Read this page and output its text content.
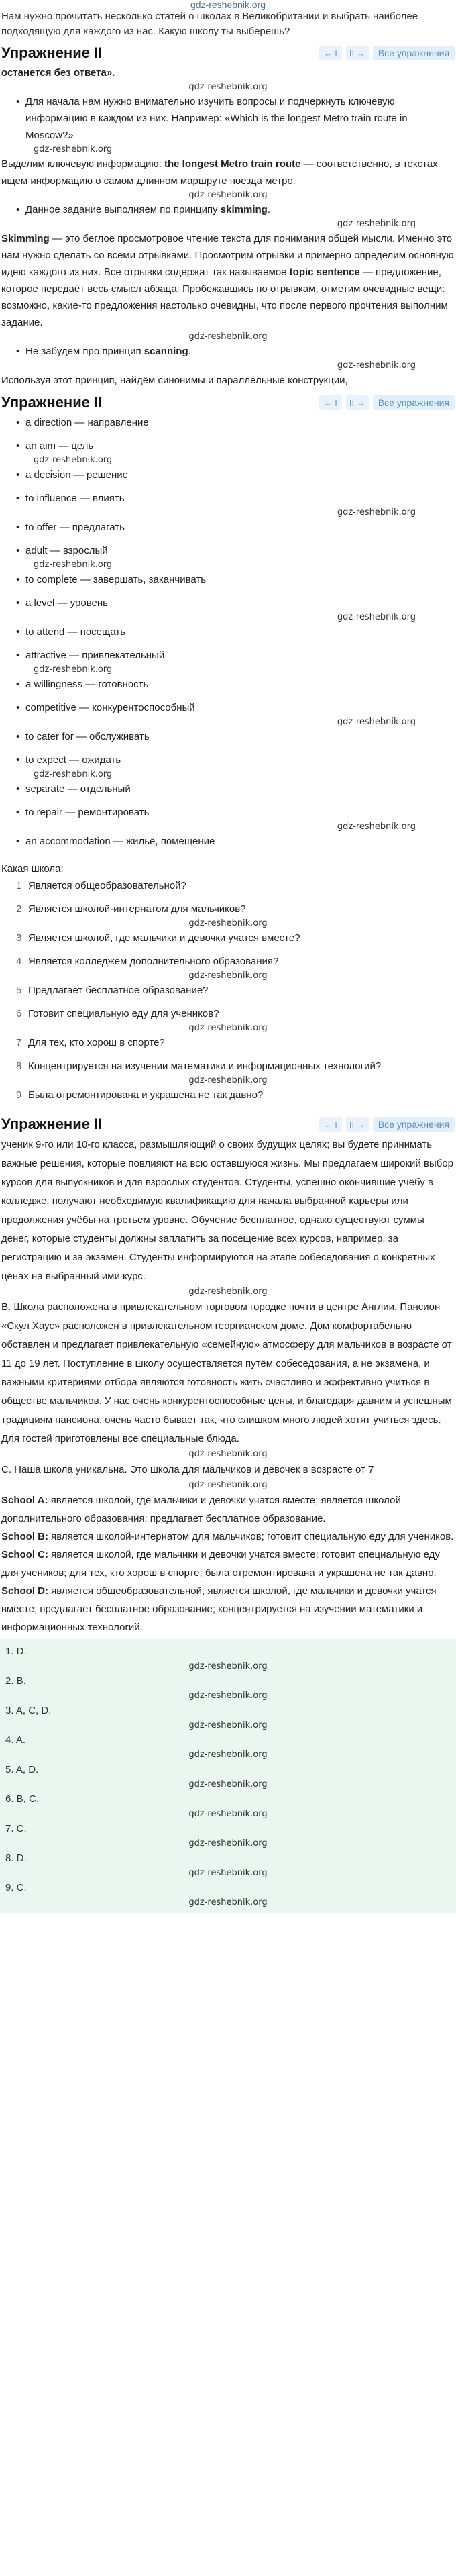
gdz-reshebnik.org
Нам нужно прочитать несколько статей о школах в Великобритании и выбрать наиболее подходящую для каждого из нас. Какую школу ты выберешь?
Упражнение II	← I	II →	Все упражнения
останется без ответа».
gdz-reshebnik.org
• Для начала нам нужно внимательно изучить вопросы и подчеркнуть ключевую информацию в каждом из них. Например: «Which is the longest Metro train route in Moscow?»
gdz-reshebnik.org
Выделим ключевую информацию: the longest Metro train route — соответственно, в текстах ищем информацию о самом длинном маршруте поезда метро.
gdz-reshebnik.org
• Данное задание выполняем по принципу skimming.
gdz-reshebnik.org
Skimming — это беглое просмотровое чтение текста для понимания общей мысли. Именно это нам нужно сделать со всеми отрывками. Просмотрим отрывки и примерно определим основную идею каждого из них. Все отрывки содержат так называемое topic sentence — предложение, которое передаёт весь смысл абзаца. Пробежавшись по отрывкам, отметим очевидные вещи: возможно, какие-то предложения настолько очевидны, что после первого прочтения выполним задание.
gdz-reshebnik.org
• Не забудем про принцип scanning.
gdz-reshebnik.org
Используя этот принцип, найдём синонимы и параллельные конструкции,
Упражнение II	← I	II →	Все упражнения
• a direction — направление
• an aim — цель
gdz-reshebnik.org
• a decision — решение
• to influence — влиять
gdz-reshebnik.org
• to offer — предлагать
• adult — взрослый
gdz-reshebnik.org
• to complete — завершать, заканчивать
• a level — уровень
gdz-reshebnik.org
• to attend — посещать
• attractive — привлекательный
gdz-reshebnik.org
• a willingness — готовность
• competitive — конкурентоспособный
gdz-reshebnik.org
• to cater for — обслуживать
• to expect — ожидать
gdz-reshebnik.org
• separate — отдельный
• to repair — ремонтировать
gdz-reshebnik.org
• an accommodation — жильё, помещение
Какая школа:
1 Является общеобразовательной?
2 Является школой-интернатом для мальчиков?
gdz-reshebnik.org
3 Является школой, где мальчики и девочки учатся вместе?
4 Является колледжем дополнительного образования?
gdz-reshebnik.org
5 Предлагает бесплатное образование?
6 Готовит специальную еду для учеников?
gdz-reshebnik.org
7 Для тех, кто хорош в спорте?
8 Концентрируется на изучении математики и информационных технологий?
gdz-reshebnik.org
9 Была отремонтирована и украшена не так давно?
Упражнение II	← I	II →	Все упражнения
ученик 9-го или 10-го класса, размышляющий о своих будущих целях; вы будете принимать важные решения, которые повлияют на всю оставшуюся жизнь. Мы предлагаем широкий выбор курсов для выпускников и для взрослых студентов. Студенты, успешно окончившие учёбу в колледже, получают необходимую квалификацию для начала выбранной карьеры или продолжения учёбы на третьем уровне. Обучение бесплатное, однако существуют суммы денег, которые студенты должны заплатить за посещение всех курсов, например, за регистрацию и за экзамен. Студенты информируются на этапе собеседования о конкретных ценах на выбранный ими курс.
gdz-reshebnik.org
B. Школа расположена в привлекательном торговом городке почти в центре Англии. Пансион «Скул Хаус» расположен в привлекательном георгианском доме. Дом комфортабельно обставлен и предлагает привлекательную «семейную» атмосферу для мальчиков в возрасте от 11 до 19 лет. Поступление в школу осуществляется путём собеседования, а не экзамена, и важными критериями отбора являются готовность жить счастливо и эффективно учиться в обществе мальчиков. У нас очень конкурентоспособные цены, и благодаря давним и успешным традициям пансиона, очень часто бывает так, что слишком много людей хотят учиться здесь. Для гостей приготовлены все специальные блюда.
gdz-reshebnik.org
C. Наша школа уникальна. Это школа для мальчиков и девочек в возрасте от 7
gdz-reshebnik.org
School A: является школой, где мальчики и девочки учатся вместе; является школой дополнительного образования; предлагает бесплатное образование.
School B: является школой-интернатом для мальчиков; готовит специальную еду для учеников.
School C: является школой, где мальчики и девочки учатся вместе; готовит специальную еду для учеников; для тех, кто хорош в спорте; была отремонтирована и украшена не так давно.
School D: является общеобразовательной; является школой, где мальчики и девочки учатся вместе; предлагает бесплатное образование; концентрируется на изучении математики и информационных технологий.
1. D.
gdz-reshebnik.org
2. B.
gdz-reshebnik.org
3. A, C, D.
gdz-reshebnik.org
4. A.
gdz-reshebnik.org
5. A, D.
gdz-reshebnik.org
6. B, C.
gdz-reshebnik.org
7. C.
gdz-reshebnik.org
8. D.
gdz-reshebnik.org
9. C.
gdz-reshebnik.org
